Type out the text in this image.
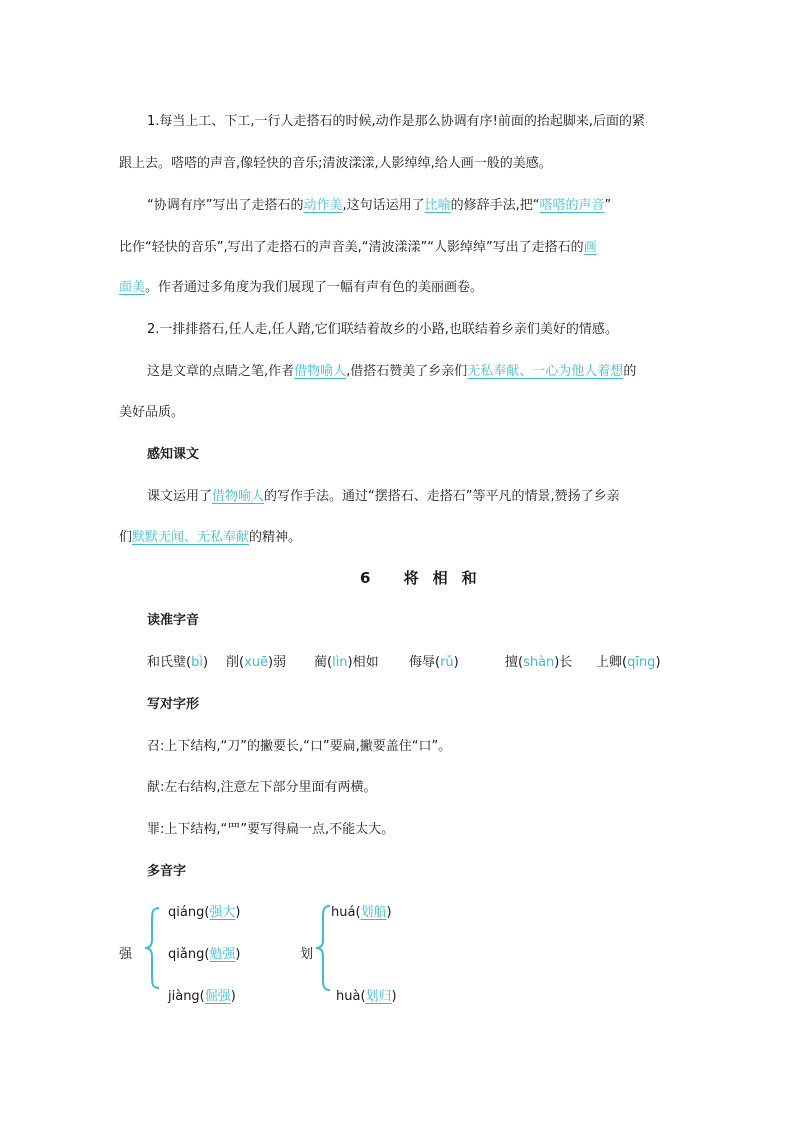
1.每当上工、下工,一行人走搭石的时候,动作是那么协调有序!前面的抬起脚来,后面的紧
跟上去。嗒嗒的声音,像轻快的音乐;清波漾漾,人影绰绰,给人画一般的美感。
“协调有序”写出了走搭石的动作美,这句话运用了比喻的修辞手法,把“嗒嗒的声音”
比作“轻快的音乐”,写出了走搭石的声音美,“清波漾漾”“人影绰绰”写出了走搭石的画
面美。作者通过多角度为我们展现了一幅有声有色的美丽画卷。
2.一排排搭石,任人走,任人踏,它们联结着故乡的小路,也联结着乡亲们美好的情感。
这是文章的点睛之笔,作者借物喻人,借搭石赞美了乡亲们无私奉献、一心为他人着想的
美好品质。
感知课文
课文运用了借物喻人的写作手法。通过“摆搭石、走搭石”等平凡的情景,赞扬了乡亲
们默默无闻、无私奉献的精神。
6 将相和
读准字音
和氏璧(bì) 削(xuē)弱 蔺(lìn)相如 侮辱(rǔ)	擅(shàn)长 上卿(qīng)
写对字形
召:上下结构,“刀”的撇要长,“口”要扁,撇要盖住“口”。
献:左右结构,注意左下部分里面有两横。
罪:上下结构,“罒”要写得扁一点,不能太大。
多音字
强
qiáng(强大)
qiǎng(勉强)
jiàng(倔强)
划
huá(划船)
huà(划归)
